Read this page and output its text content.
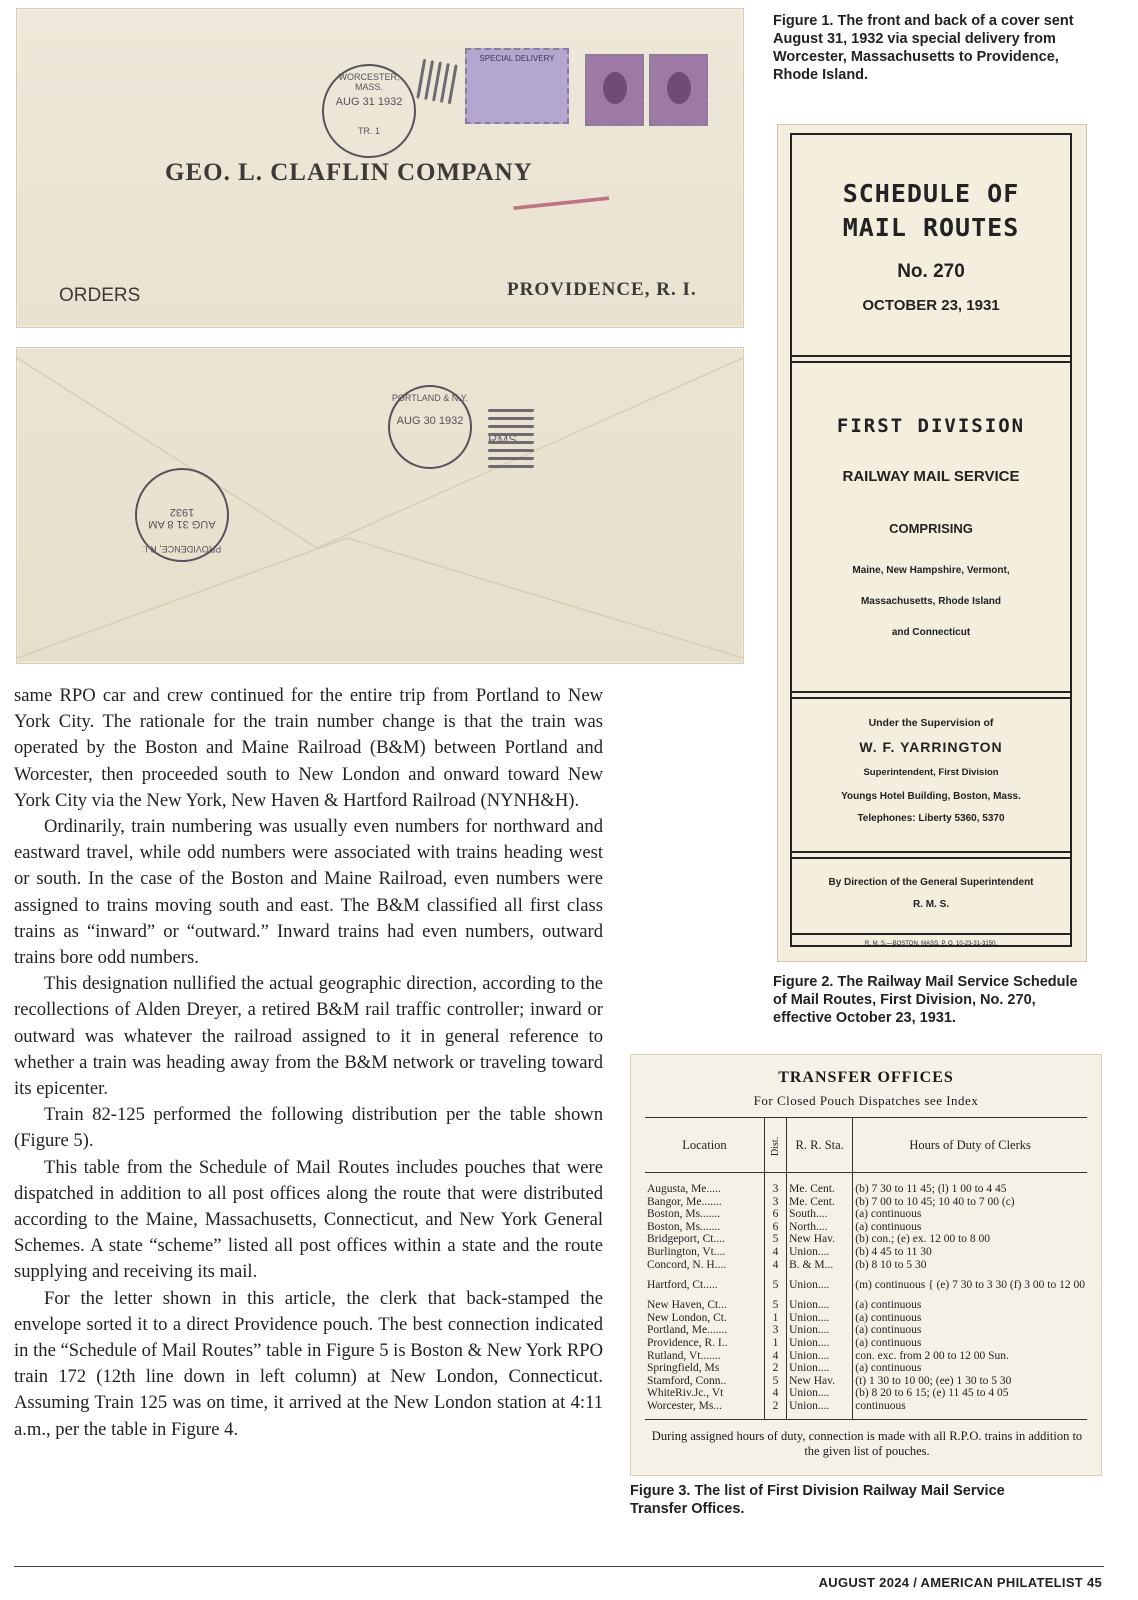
SPECIAL DELIVERY
WORCESTER, MASS.
AUG 31 1932
TR. 1
GEO. L. CLAFLIN COMPANY
▬▬▬▬▬▬▬▬
ORDERS	PROVIDENCE, R. I.
PORTLAND & N.Y.
AUG 30 1932
RMS
PROVIDENCE, R.I.
AUG 31 8 AM 1932
Figure 1. The front and back of a cover sent August 31, 1932 via special delivery from Worcester, Massachusetts to Providence, Rhode Island.
Figure 2. The Railway Mail Service Schedule of Mail Routes, First Division, No. 270, effective October 23, 1931.
Figure 3. The list of First Division Railway Mail Service Transfer Offices.
SCHEDULE OF
MAIL ROUTES
No. 270
OCTOBER 23, 1931
FIRST DIVISION
RAILWAY MAIL SERVICE
COMPRISING
Maine, New Hampshire, Vermont,
Massachusetts, Rhode Island
and Connecticut
Under the Supervision of
W. F. YARRINGTON
Superintendent, First Division
Youngs Hotel Building, Boston, Mass.
Telephones: Liberty 5360, 5370
By Direction of the General Superintendent
R. M. S.
R. M. S.—BOSTON, MASS. P. O. 10-23-31-3150.

same RPO car and crew continued for the entire trip from Portland to New York City. The rationale for the train number change is that the train was operated by the Boston and Maine Railroad (B&M) between Portland and Worcester, then proceeded south to New London and onward toward New York City via the New York, New Haven & Hartford Railroad (NYNH&H).

Ordinarily, train numbering was usually even numbers for northward and eastward travel, while odd numbers were associated with trains heading west or south. In the case of the Boston and Maine Railroad, even numbers were assigned to trains moving south and east. The B&M classified all first class trains as “inward” or “outward.” Inward trains had even numbers, outward trains bore odd numbers.

This designation nullified the actual geographic direction, according to the recollections of Alden Dreyer, a retired B&M rail traffic controller; inward or outward was whatever the railroad assigned to it in general reference to whether a train was heading away from the B&M network or traveling toward its epicenter.

Train 82-125 performed the following distribution per the table shown (Figure 5).

This table from the Schedule of Mail Routes includes pouches that were dispatched in addition to all post offices along the route that were distributed according to the Maine, Massachusetts, Connecticut, and New York General Schemes. A state “scheme” listed all post offices within a state and the route supplying and receiving its mail.

For the letter shown in this article, the clerk that back-stamped the envelope sorted it to a direct Providence pouch. The best connection indicated in the “Schedule of Mail Routes” table in Figure 5 is Boston & New York RPO train 172 (12th line down in left column) at New London, Connecticut. Assuming Train 125 was on time, it arrived at the New London station at 4:11 a.m., per the table in Figure 4.

TRANSFER OFFICES
For Closed Pouch Dispatches see Index
Location	Dist.	R. R. Sta.	Hours of Duty of Clerks
Augusta, Me.....	3	Me. Cent.	(b) 7 30 to 11 45; (l) 1 00 to 4 45
Bangor, Me.......	3	Me. Cent.	(b) 7 00 to 10 45; 10 40 to 7 00 (c)
Boston, Ms.......	6	South....	(a) continuous
Boston, Ms.......	6	North....	(a) continuous
Bridgeport, Ct....	5	New Hav.	(b) con.; (e) ex. 12 00 to 8 00
Burlington, Vt....	4	Union....	(b) 4 45 to 11 30
Concord, N. H....	4	B. & M...	(b) 8 10 to 5 30
Hartford, Ct.....	5	Union....	(m) continuous { (e) 7 30 to 3 30 (f) 3 00 to 12 00
New Haven, Ct...	5	Union....	(a) continuous
New London, Ct.	1	Union....	(a) continuous
Portland, Me.......	3	Union....	(a) continuous
Providence, R. I..	1	Union....	(a) continuous
Rutland, Vt.......	4	Union....	con. exc. from 2 00 to 12 00 Sun.
Springfield, Ms	2	Union....	(a) continuous
Stamford, Conn..	5	New Hav.	(t) 1 30 to 10 00; (ee) 1 30 to 5 30
WhiteRiv.Jc., Vt	4	Union....	(b) 8 20 to 6 15; (e) 11 45 to 4 05
Worcester, Ms...	2	Union....	continuous
During assigned hours of duty, connection is made with all R.P.O. trains in addition to the given list of pouches.
AUGUST 2024 / AMERICAN PHILATELIST 45
